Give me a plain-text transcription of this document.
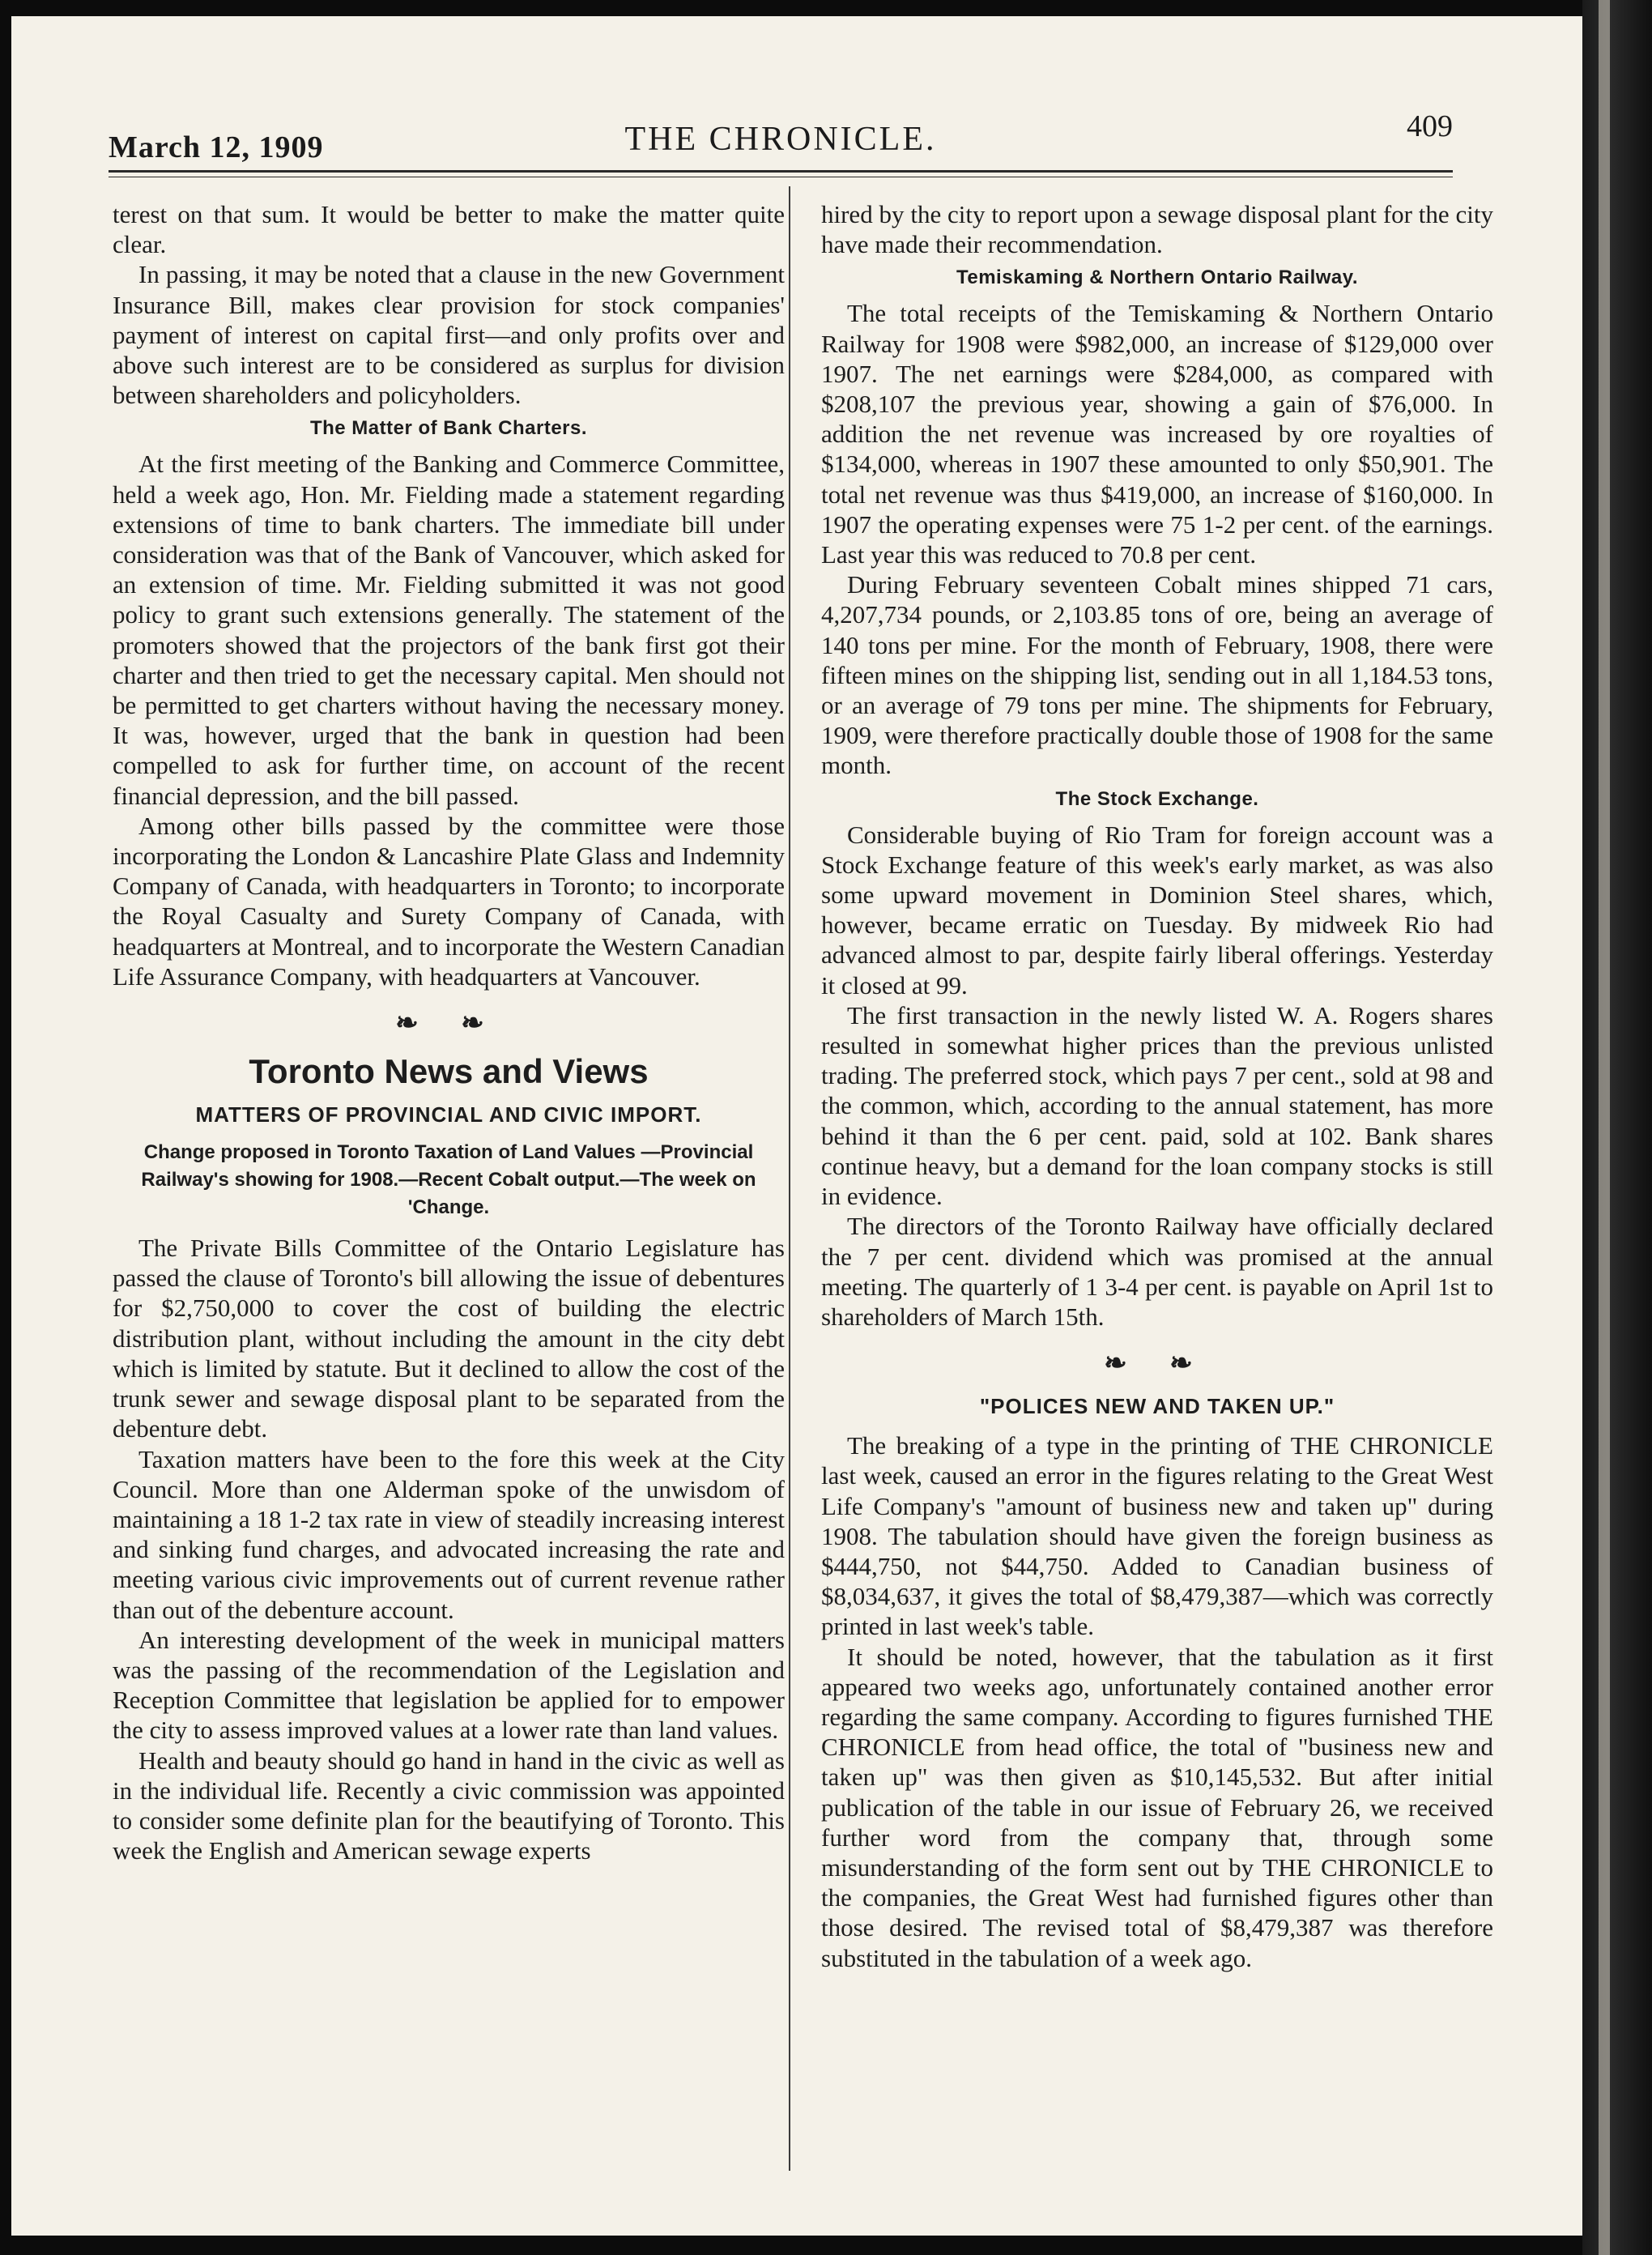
March 12, 1909	THE CHRONICLE.	409

terest on that sum. It would be better to make the matter quite clear.

In passing, it may be noted that a clause in the new Government Insurance Bill, makes clear provision for stock companies' payment of interest on capital first—and only profits over and above such interest are to be considered as surplus for division between shareholders and policyholders.

The Matter of Bank Charters.

At the first meeting of the Banking and Commerce Committee, held a week ago, Hon. Mr. Fielding made a statement regarding extensions of time to bank charters. The immediate bill under consideration was that of the Bank of Vancouver, which asked for an extension of time. Mr. Fielding submitted it was not good policy to grant such extensions generally. The statement of the promoters showed that the projectors of the bank first got their charter and then tried to get the necessary capital. Men should not be permitted to get charters without having the necessary money. It was, however, urged that the bank in question had been compelled to ask for further time, on account of the recent financial depression, and the bill passed.

Among other bills passed by the committee were those incorporating the London & Lancashire Plate Glass and Indemnity Company of Canada, with headquarters in Toronto; to incorporate the Royal Casualty and Surety Company of Canada, with headquarters at Montreal, and to incorporate the Western Canadian Life Assurance Company, with headquarters at Vancouver.

❧ ❧
Toronto News and Views
MATTERS OF PROVINCIAL AND CIVIC IMPORT.
Change proposed in Toronto Taxation of Land Values —Provincial Railway's showing for 1908.—Recent Cobalt output.—The week on 'Change.

The Private Bills Committee of the Ontario Legislature has passed the clause of Toronto's bill allowing the issue of debentures for $2,750,000 to cover the cost of building the electric distribution plant, without including the amount in the city debt which is limited by statute. But it declined to allow the cost of the trunk sewer and sewage disposal plant to be separated from the debenture debt.

Taxation matters have been to the fore this week at the City Council. More than one Alderman spoke of the unwisdom of maintaining a 18 1-2 tax rate in view of steadily increasing interest and sinking fund charges, and advocated increasing the rate and meeting various civic improvements out of current revenue rather than out of the debenture account.

An interesting development of the week in municipal matters was the passing of the recommendation of the Legislation and Reception Committee that legislation be applied for to empower the city to assess improved values at a lower rate than land values.

Health and beauty should go hand in hand in the civic as well as in the individual life. Recently a civic commission was appointed to consider some definite plan for the beautifying of Toronto. This week the English and American sewage experts

hired by the city to report upon a sewage disposal plant for the city have made their recommendation.

Temiskaming & Northern Ontario Railway.

The total receipts of the Temiskaming & Northern Ontario Railway for 1908 were $982,000, an increase of $129,000 over 1907. The net earnings were $284,000, as compared with $208,107 the previous year, showing a gain of $76,000. In addition the net revenue was increased by ore royalties of $134,000, whereas in 1907 these amounted to only $50,901. The total net revenue was thus $419,000, an increase of $160,000. In 1907 the operating expenses were 75 1-2 per cent. of the earnings. Last year this was reduced to 70.8 per cent.

During February seventeen Cobalt mines shipped 71 cars, 4,207,734 pounds, or 2,103.85 tons of ore, being an average of 140 tons per mine. For the month of February, 1908, there were fifteen mines on the shipping list, sending out in all 1,184.53 tons, or an average of 79 tons per mine. The shipments for February, 1909, were therefore practically double those of 1908 for the same month.

The Stock Exchange.

Considerable buying of Rio Tram for foreign account was a Stock Exchange feature of this week's early market, as was also some upward movement in Dominion Steel shares, which, however, became erratic on Tuesday. By midweek Rio had advanced almost to par, despite fairly liberal offerings. Yesterday it closed at 99.

The first transaction in the newly listed W. A. Rogers shares resulted in somewhat higher prices than the previous unlisted trading. The preferred stock, which pays 7 per cent., sold at 98 and the common, which, according to the annual statement, has more behind it than the 6 per cent. paid, sold at 102. Bank shares continue heavy, but a demand for the loan company stocks is still in evidence.

The directors of the Toronto Railway have officially declared the 7 per cent. dividend which was promised at the annual meeting. The quarterly of 1 3-4 per cent. is payable on April 1st to shareholders of March 15th.

❧ ❧
"POLICES NEW AND TAKEN UP."

The breaking of a type in the printing of THE CHRONICLE last week, caused an error in the figures relating to the Great West Life Company's "amount of business new and taken up" during 1908. The tabulation should have given the foreign business as $444,750, not $44,750. Added to Canadian business of $8,034,637, it gives the total of $8,479,387—which was correctly printed in last week's table.

It should be noted, however, that the tabulation as it first appeared two weeks ago, unfortunately contained another error regarding the same company. According to figures furnished THE CHRONICLE from head office, the total of "business new and taken up" was then given as $10,145,532. But after initial publication of the table in our issue of February 26, we received further word from the company that, through some misunderstanding of the form sent out by THE CHRONICLE to the companies, the Great West had furnished figures other than those desired. The revised total of $8,479,387 was therefore substituted in the tabulation of a week ago.
